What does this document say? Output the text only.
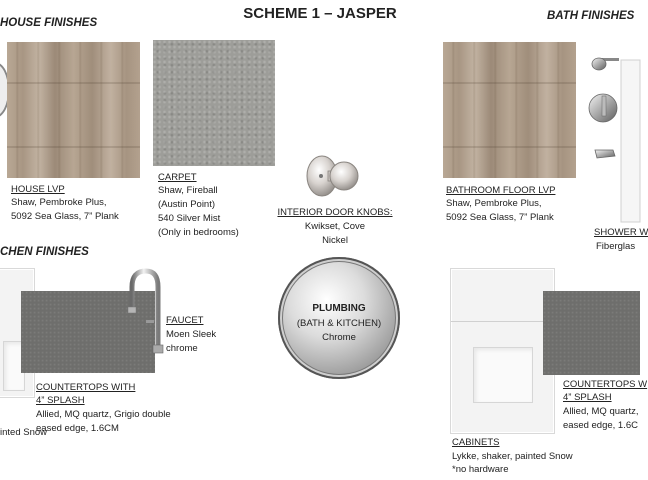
SCHEME 1 – JASPER
HOUSE FINISHES
BATH FINISHES
CHEN FINISHES
HOUSE LVP
Shaw, Pembroke Plus,
5092 Sea Glass, 7” Plank
CARPET
Shaw, Fireball
(Austin Point)
540 Silver Mist
(Only in bedrooms)
INTERIOR DOOR KNOBS:
Kwikset, Cove
Nickel
BATHROOM FLOOR LVP
Shaw, Pembroke Plus,
5092 Sea Glass, 7” Plank
SHOWER W
Fiberglas
FAUCET
Moen Sleek
chrome
COUNTERTOPS WITH
4” SPLASH
Allied, MQ quartz, Grigio double
eased edge, 1.6CM
inted Snow
PLUMBING
(BATH & KITCHEN)
Chrome
COUNTERTOPS W
4” SPLASH
Allied, MQ quartz,
eased edge, 1.6C
CABINETS
Lykke, shaker, painted Snow
*no hardware
